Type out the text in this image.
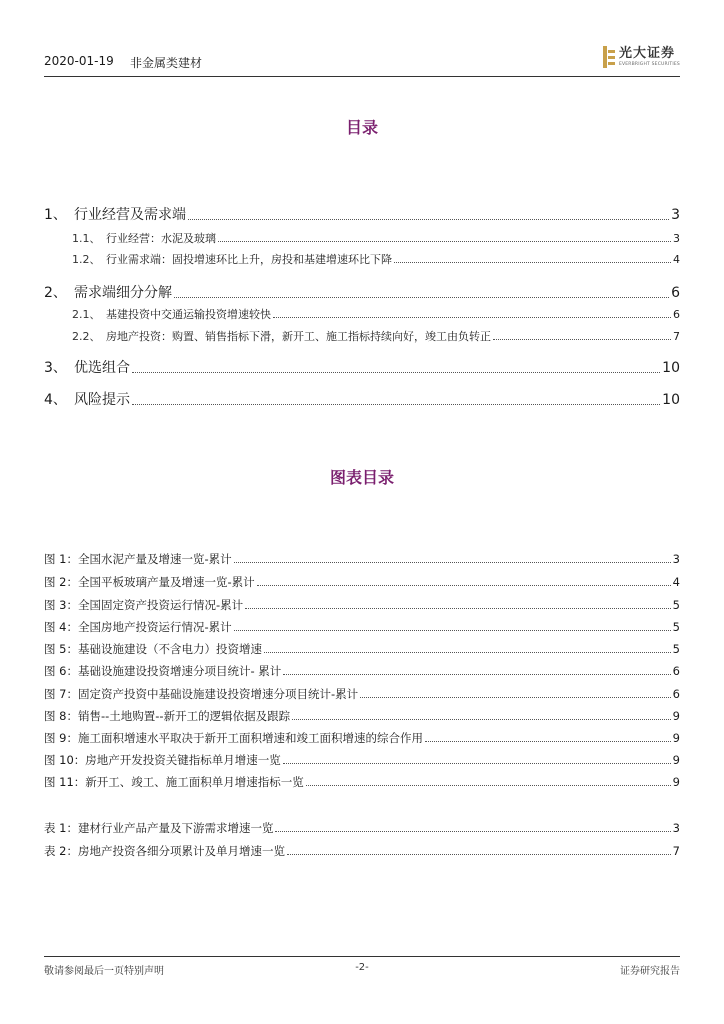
2020-01-19 非金属类建材
光大证券
EVERBRIGHT SECURITIES
目录
1、 行业经营及需求端	3
1.1、 行业经营：水泥及玻璃	3
1.2、 行业需求端：固投增速环比上升，房投和基建增速环比下降	4
2、 需求端细分分解	6
2.1、 基建投资中交通运输投资增速较快	6
2.2、 房地产投资：购置、销售指标下滑，新开工、施工指标持续向好，竣工由负转正	7
3、 优选组合	10
4、 风险提示	10
图表目录
图 1：全国水泥产量及增速一览-累计	3
图 2：全国平板玻璃产量及增速一览-累计	4
图 3：全国固定资产投资运行情况-累计	5
图 4：全国房地产投资运行情况-累计	5
图 5：基础设施建设（不含电力）投资增速	5
图 6：基础设施建设投资增速分项目统计- 累计	6
图 7：固定资产投资中基础设施建设投资增速分项目统计-累计	6
图 8：销售--土地购置--新开工的逻辑依据及跟踪	9
图 9：施工面积增速水平取决于新开工面积增速和竣工面积增速的综合作用	9
图 10：房地产开发投资关键指标单月增速一览	9
图 11：新开工、竣工、施工面积单月增速指标一览	9
表 1：建材行业产品产量及下游需求增速一览	3
表 2：房地产投资各细分项累计及单月增速一览	7
敬请参阅最后一页特别声明	-2-	证券研究报告
